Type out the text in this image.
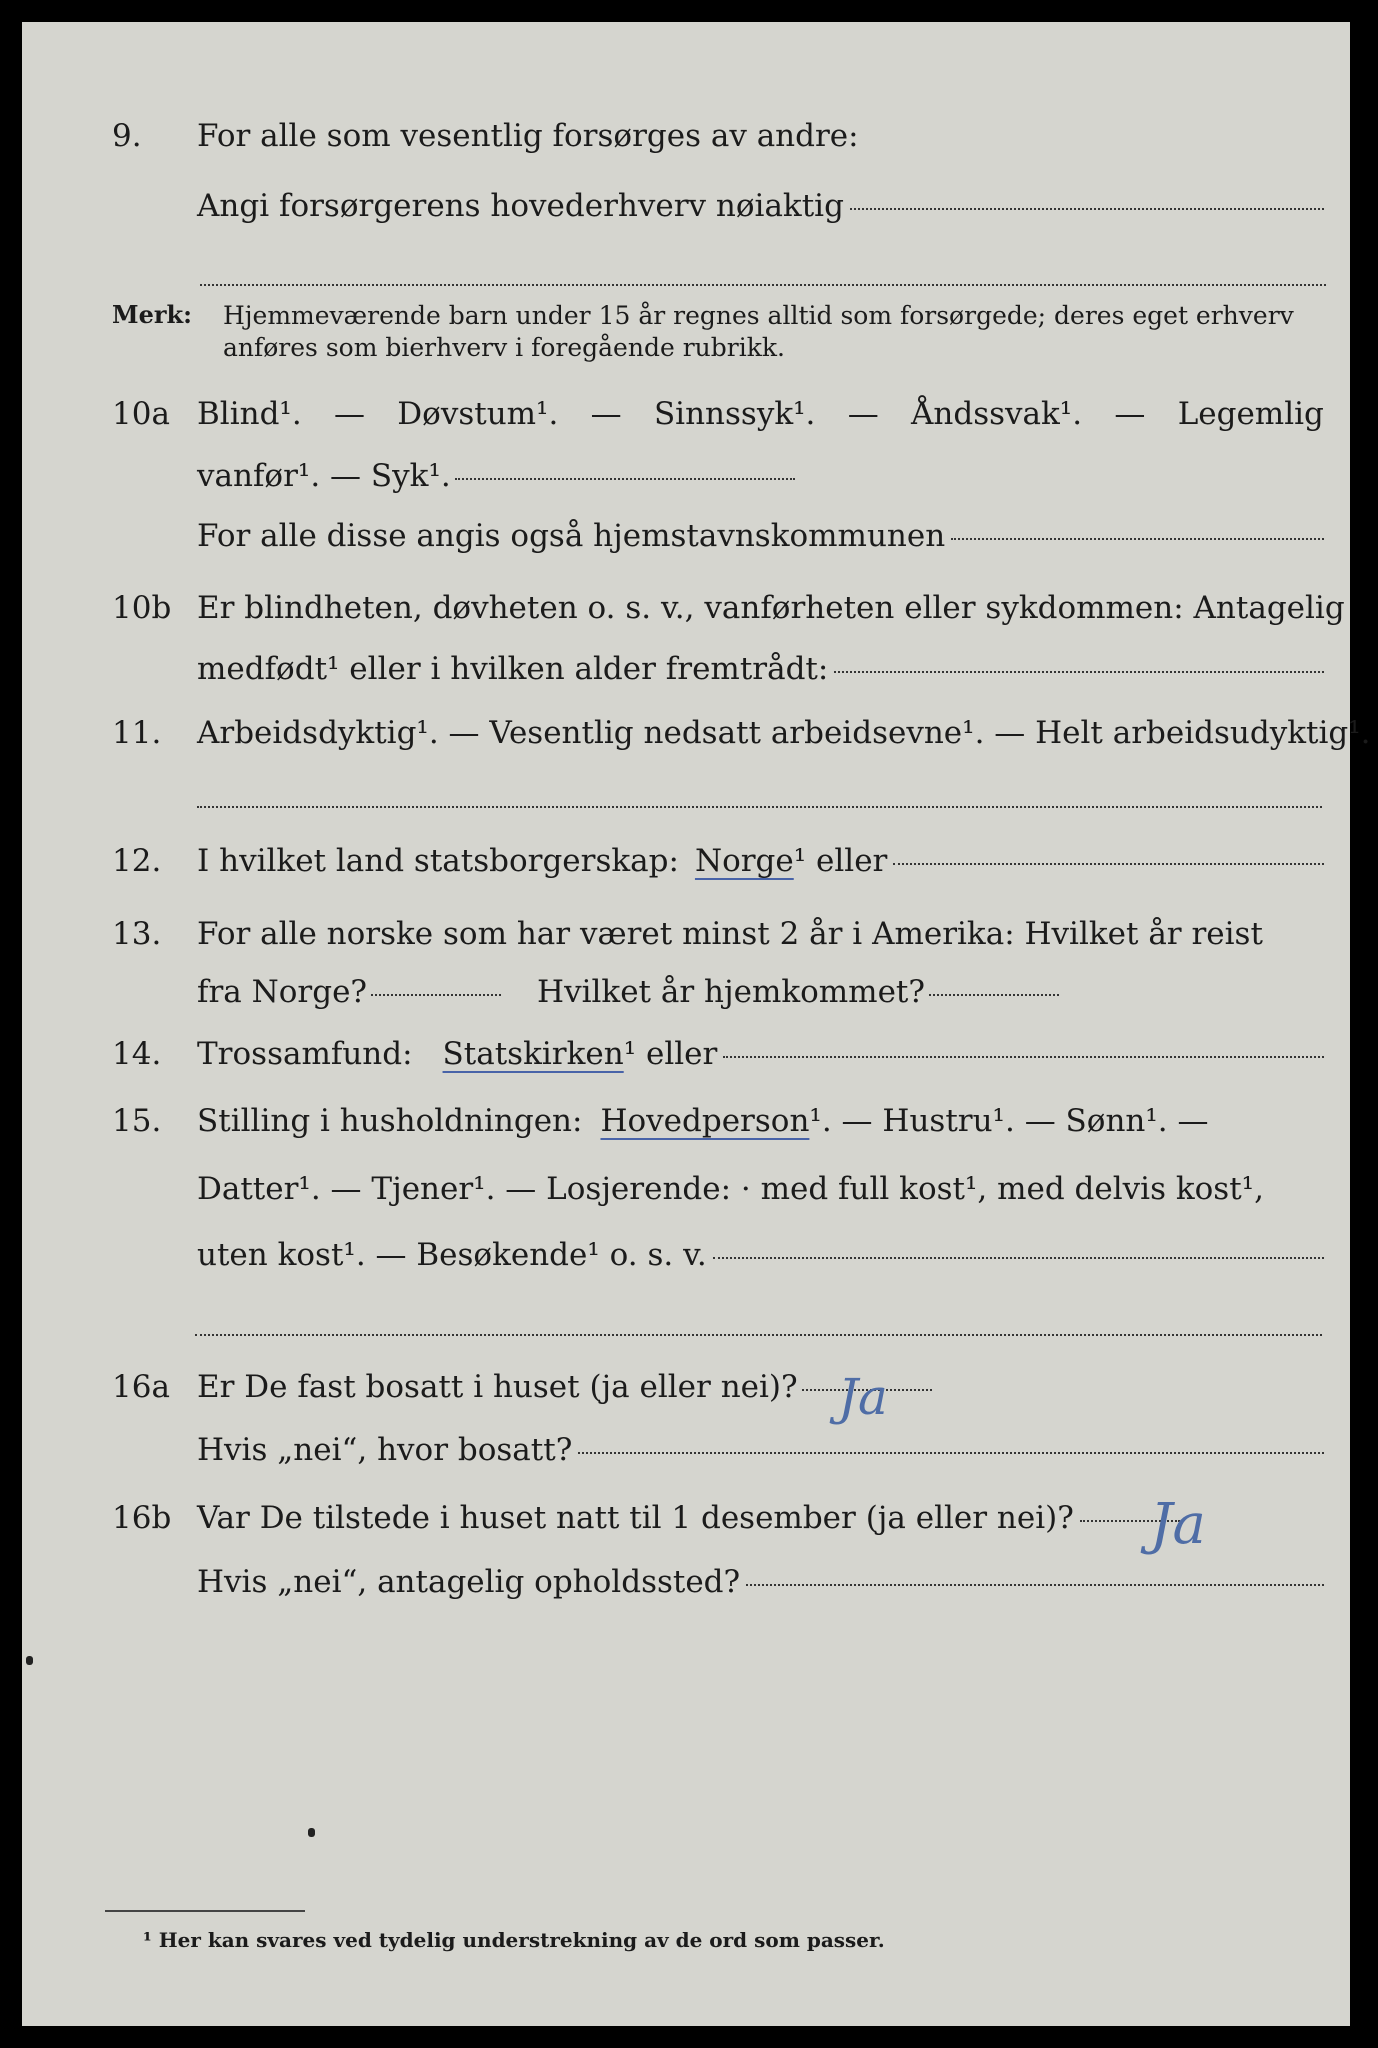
9.	For alle som vesentlig forsørges av andre:
Angi forsørgerens hovederhverv nøiaktig
Merk: Hjemmeværende barn under 15 år regnes alltid som forsørgede; deres eget erhverv
anføres som bierhverv i foregående rubrikk.
10a Blind¹. — Døvstum¹. — Sinnssyk¹. — Åndssvak¹. — Legemlig
vanfør¹. — Syk¹.
For alle disse angis også hjemstavnskommunen
10b Er blindheten, døvheten o. s. v., vanførheten eller sykdommen: Antagelig
medfødt¹ eller i hvilken alder fremtrådt:
11.	Arbeidsdyktig¹. — Vesentlig nedsatt arbeidsevne¹. — Helt arbeidsudyktig¹.
12.	I hvilket land statsborgerskap: Norge ¹ eller
13.	For alle norske som har været minst 2 år i Amerika: Hvilket år reist
fra Norge?	Hvilket år hjemkommet?
14.	Trossamfund: Statskirken ¹ eller
15.	Stilling i husholdningen: Hovedperson ¹. — Hustru¹. — Sønn¹. —
Datter¹. — Tjener¹. — Losjerende: · med full kost¹, med delvis kost¹,
uten kost¹. — Besøkende¹ o. s. v.
16a Er De fast bosatt i huset (ja eller nei)? Ja
Hvis „nei“, hvor bosatt?
16b Var De tilstede i huset natt til 1 desember (ja eller nei)? Ja
Hvis „nei“, antagelig opholdssted?
¹ Her kan svares ved tydelig understrekning av de ord som passer.
